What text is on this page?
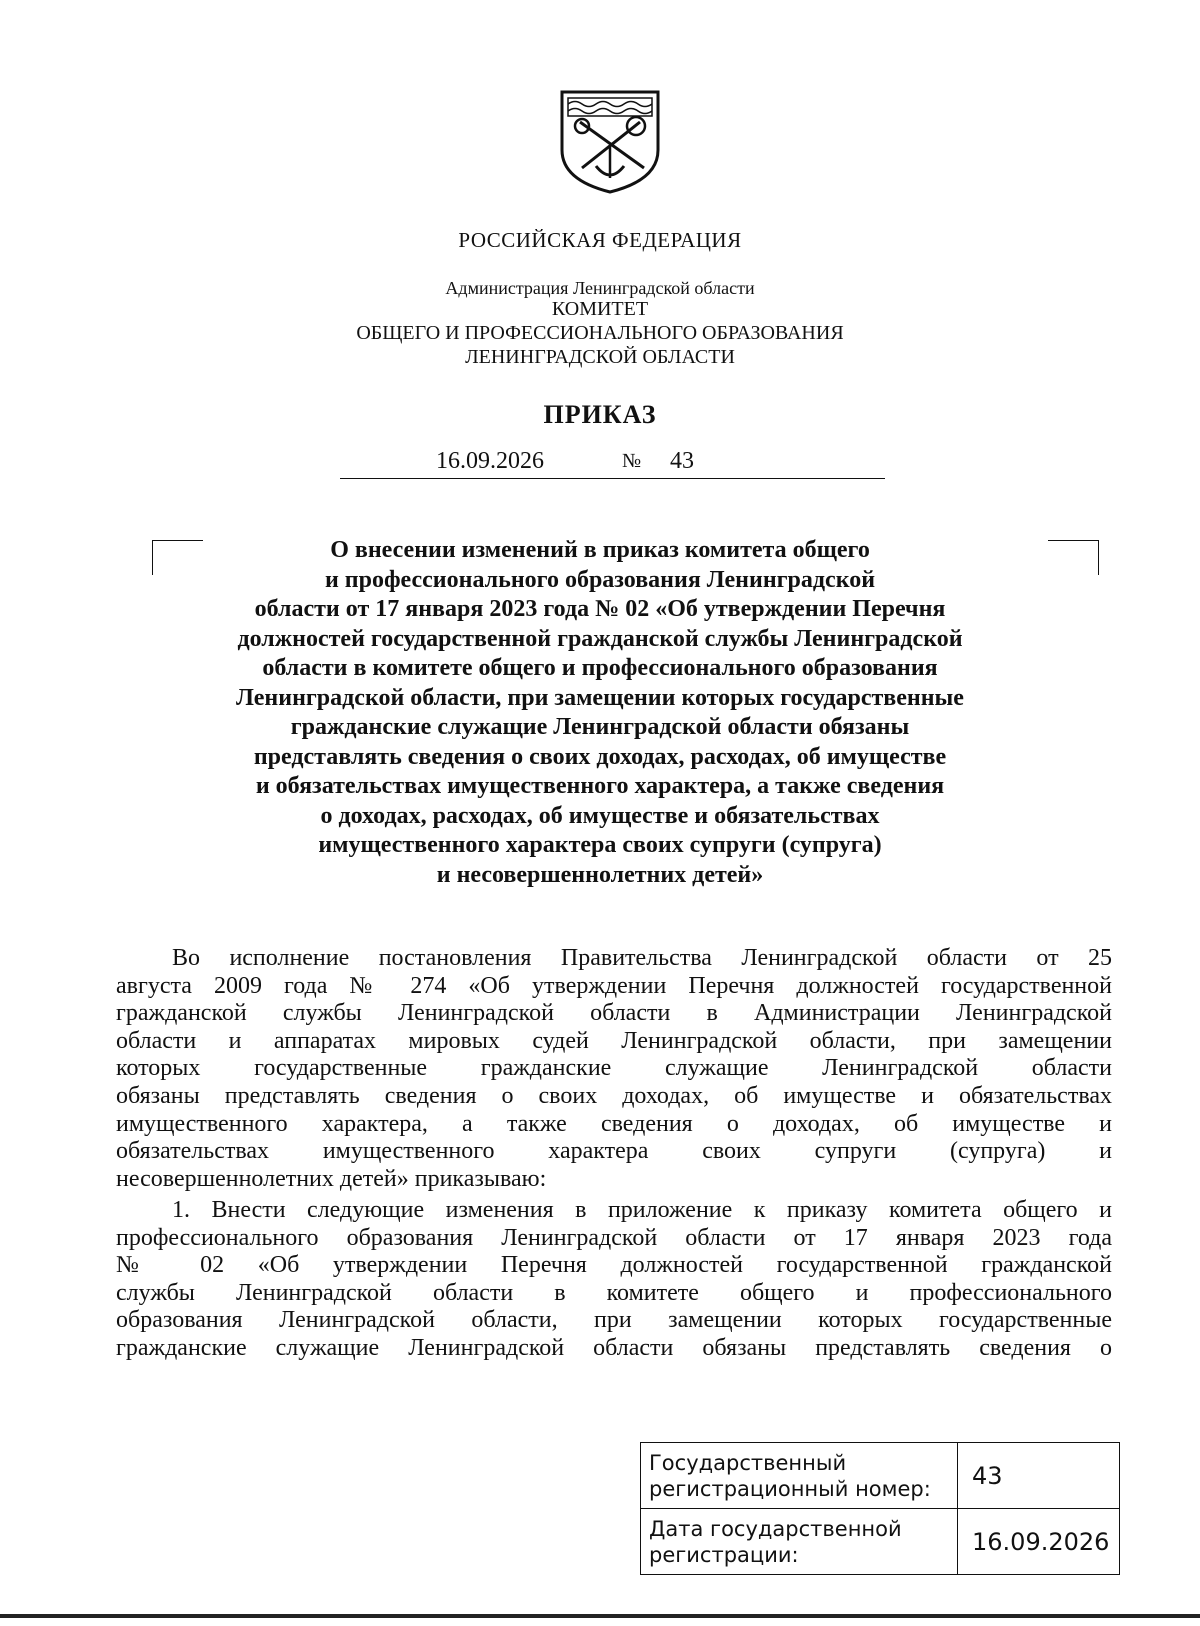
РОССИЙСКАЯ ФЕДЕРАЦИЯ
Администрация Ленинградской области
КОМИТЕТ
ОБЩЕГО И ПРОФЕССИОНАЛЬНОГО ОБРАЗОВАНИЯ
ЛЕНИНГРАДСКОЙ ОБЛАСТИ
ПРИКАЗ
16.09.2026	№ 43
О внесении изменений в приказ комитета общего
и профессионального образования Ленинградской
области от 17 января 2023 года № 02 «Об утверждении Перечня
должностей государственной гражданской службы Ленинградской
области в комитете общего и профессионального образования
Ленинградской области, при замещении которых государственные
гражданские служащие Ленинградской области обязаны
представлять сведения о своих доходах, расходах, об имуществе
и обязательствах имущественного характера, а также сведения
о доходах, расходах, об имуществе и обязательствах
имущественного характера своих супруги (супруга)
и несовершеннолетних детей»
Во исполнение постановления Правительства Ленинградской области от 25
августа 2009 года № 274 «Об утверждении Перечня должностей государственной
гражданской службы Ленинградской области в Администрации Ленинградской
области и аппаратах мировых судей Ленинградской области, при замещении
которых государственные гражданские служащие Ленинградской области
обязаны представлять сведения о своих доходах, об имуществе и обязательствах
имущественного характера, а также сведения о доходах, об имуществе и
обязательствах имущественного характера своих супруги (супруга) и
несовершеннолетних детей» приказываю:
1. Внести следующие изменения в приложение к приказу комитета общего и
профессионального образования Ленинградской области от 17 января 2023 года
№ 02 «Об утверждении Перечня должностей государственной гражданской
службы Ленинградской области в комитете общего и профессионального
образования Ленинградской области, при замещении которых государственные
гражданские служащие Ленинградской области обязаны представлять сведения о
Государственный
регистрационный номер:	43
Дата государственной
регистрации:	16.09.2026
